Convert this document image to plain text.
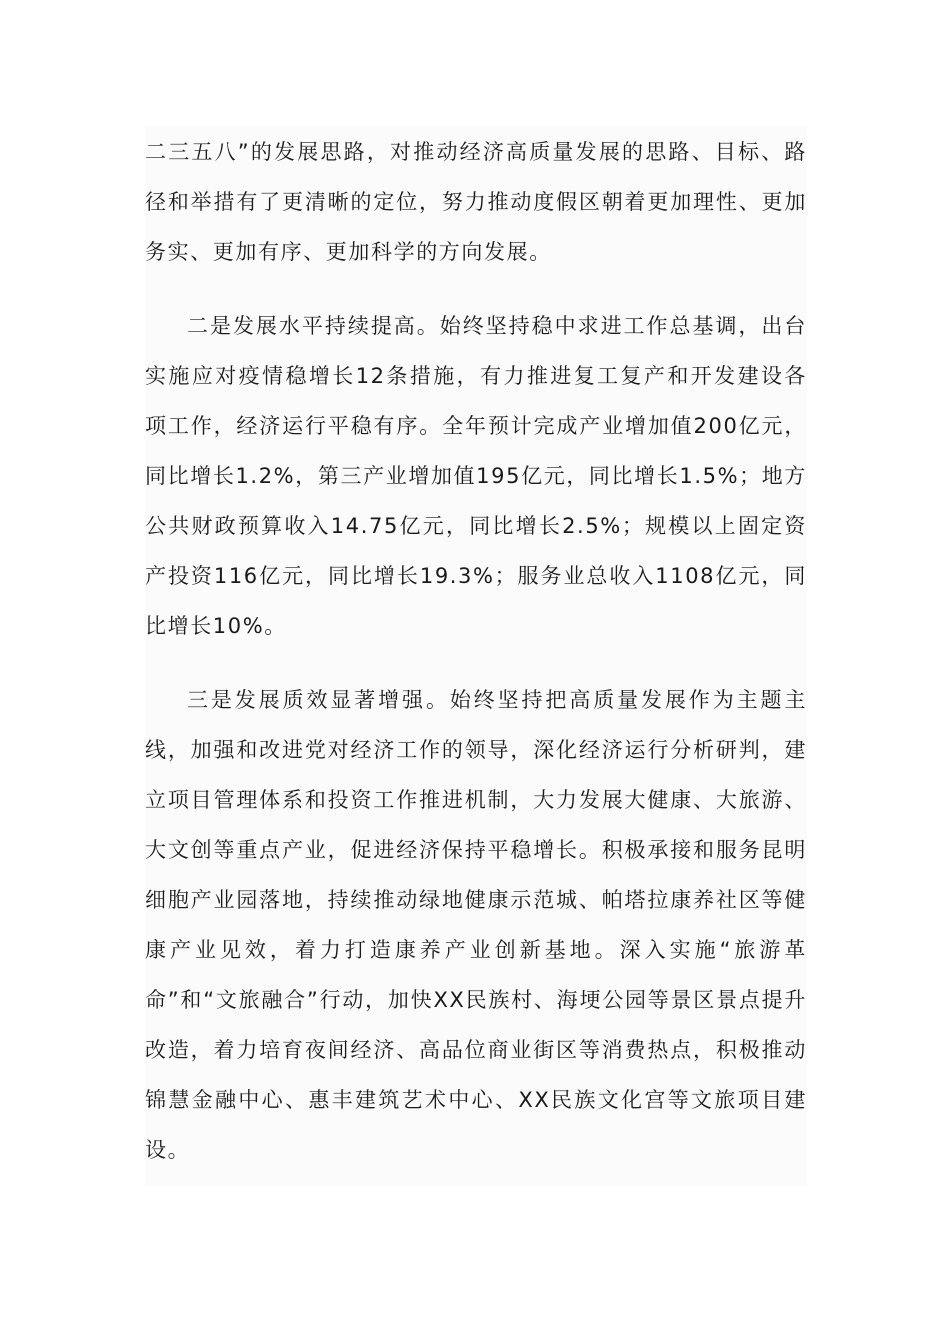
二三五八”的发展思路，对推动经济高质量发展的思路、目标、路径和举措有了更清晰的定位，努力推动度假区朝着更加理性、更加务实、更加有序、更加科学的方向发展。

二是发展水平持续提高。始终坚持稳中求进工作总基调，出台实施应对疫情稳增长12条措施，有力推进复工复产和开发建设各项工作，经济运行平稳有序。全年预计完成产业增加值200亿元，同比增长1.2%，第三产业增加值195亿元，同比增长1.5%；地方公共财政预算收入14.75亿元，同比增长2.5%；规模以上固定资产投资116亿元，同比增长19.3%；服务业总收入1108亿元，同比增长10%。

三是发展质效显著增强。始终坚持把高质量发展作为主题主线，加强和改进党对经济工作的领导，深化经济运行分析研判，建立项目管理体系和投资工作推进机制，大力发展大健康、大旅游、大文创等重点产业，促进经济保持平稳增长。积极承接和服务昆明细胞产业园落地，持续推动绿地健康示范城、帕塔拉康养社区等健康产业见效，着力打造康养产业创新基地。深入实施“旅游革命”和“文旅融合”行动，加快XX民族村、海埂公园等景区景点提升改造，着力培育夜间经济、高品位商业街区等消费热点，积极推动锦慧金融中心、惠丰建筑艺术中心、XX民族文化宫等文旅项目建设。
